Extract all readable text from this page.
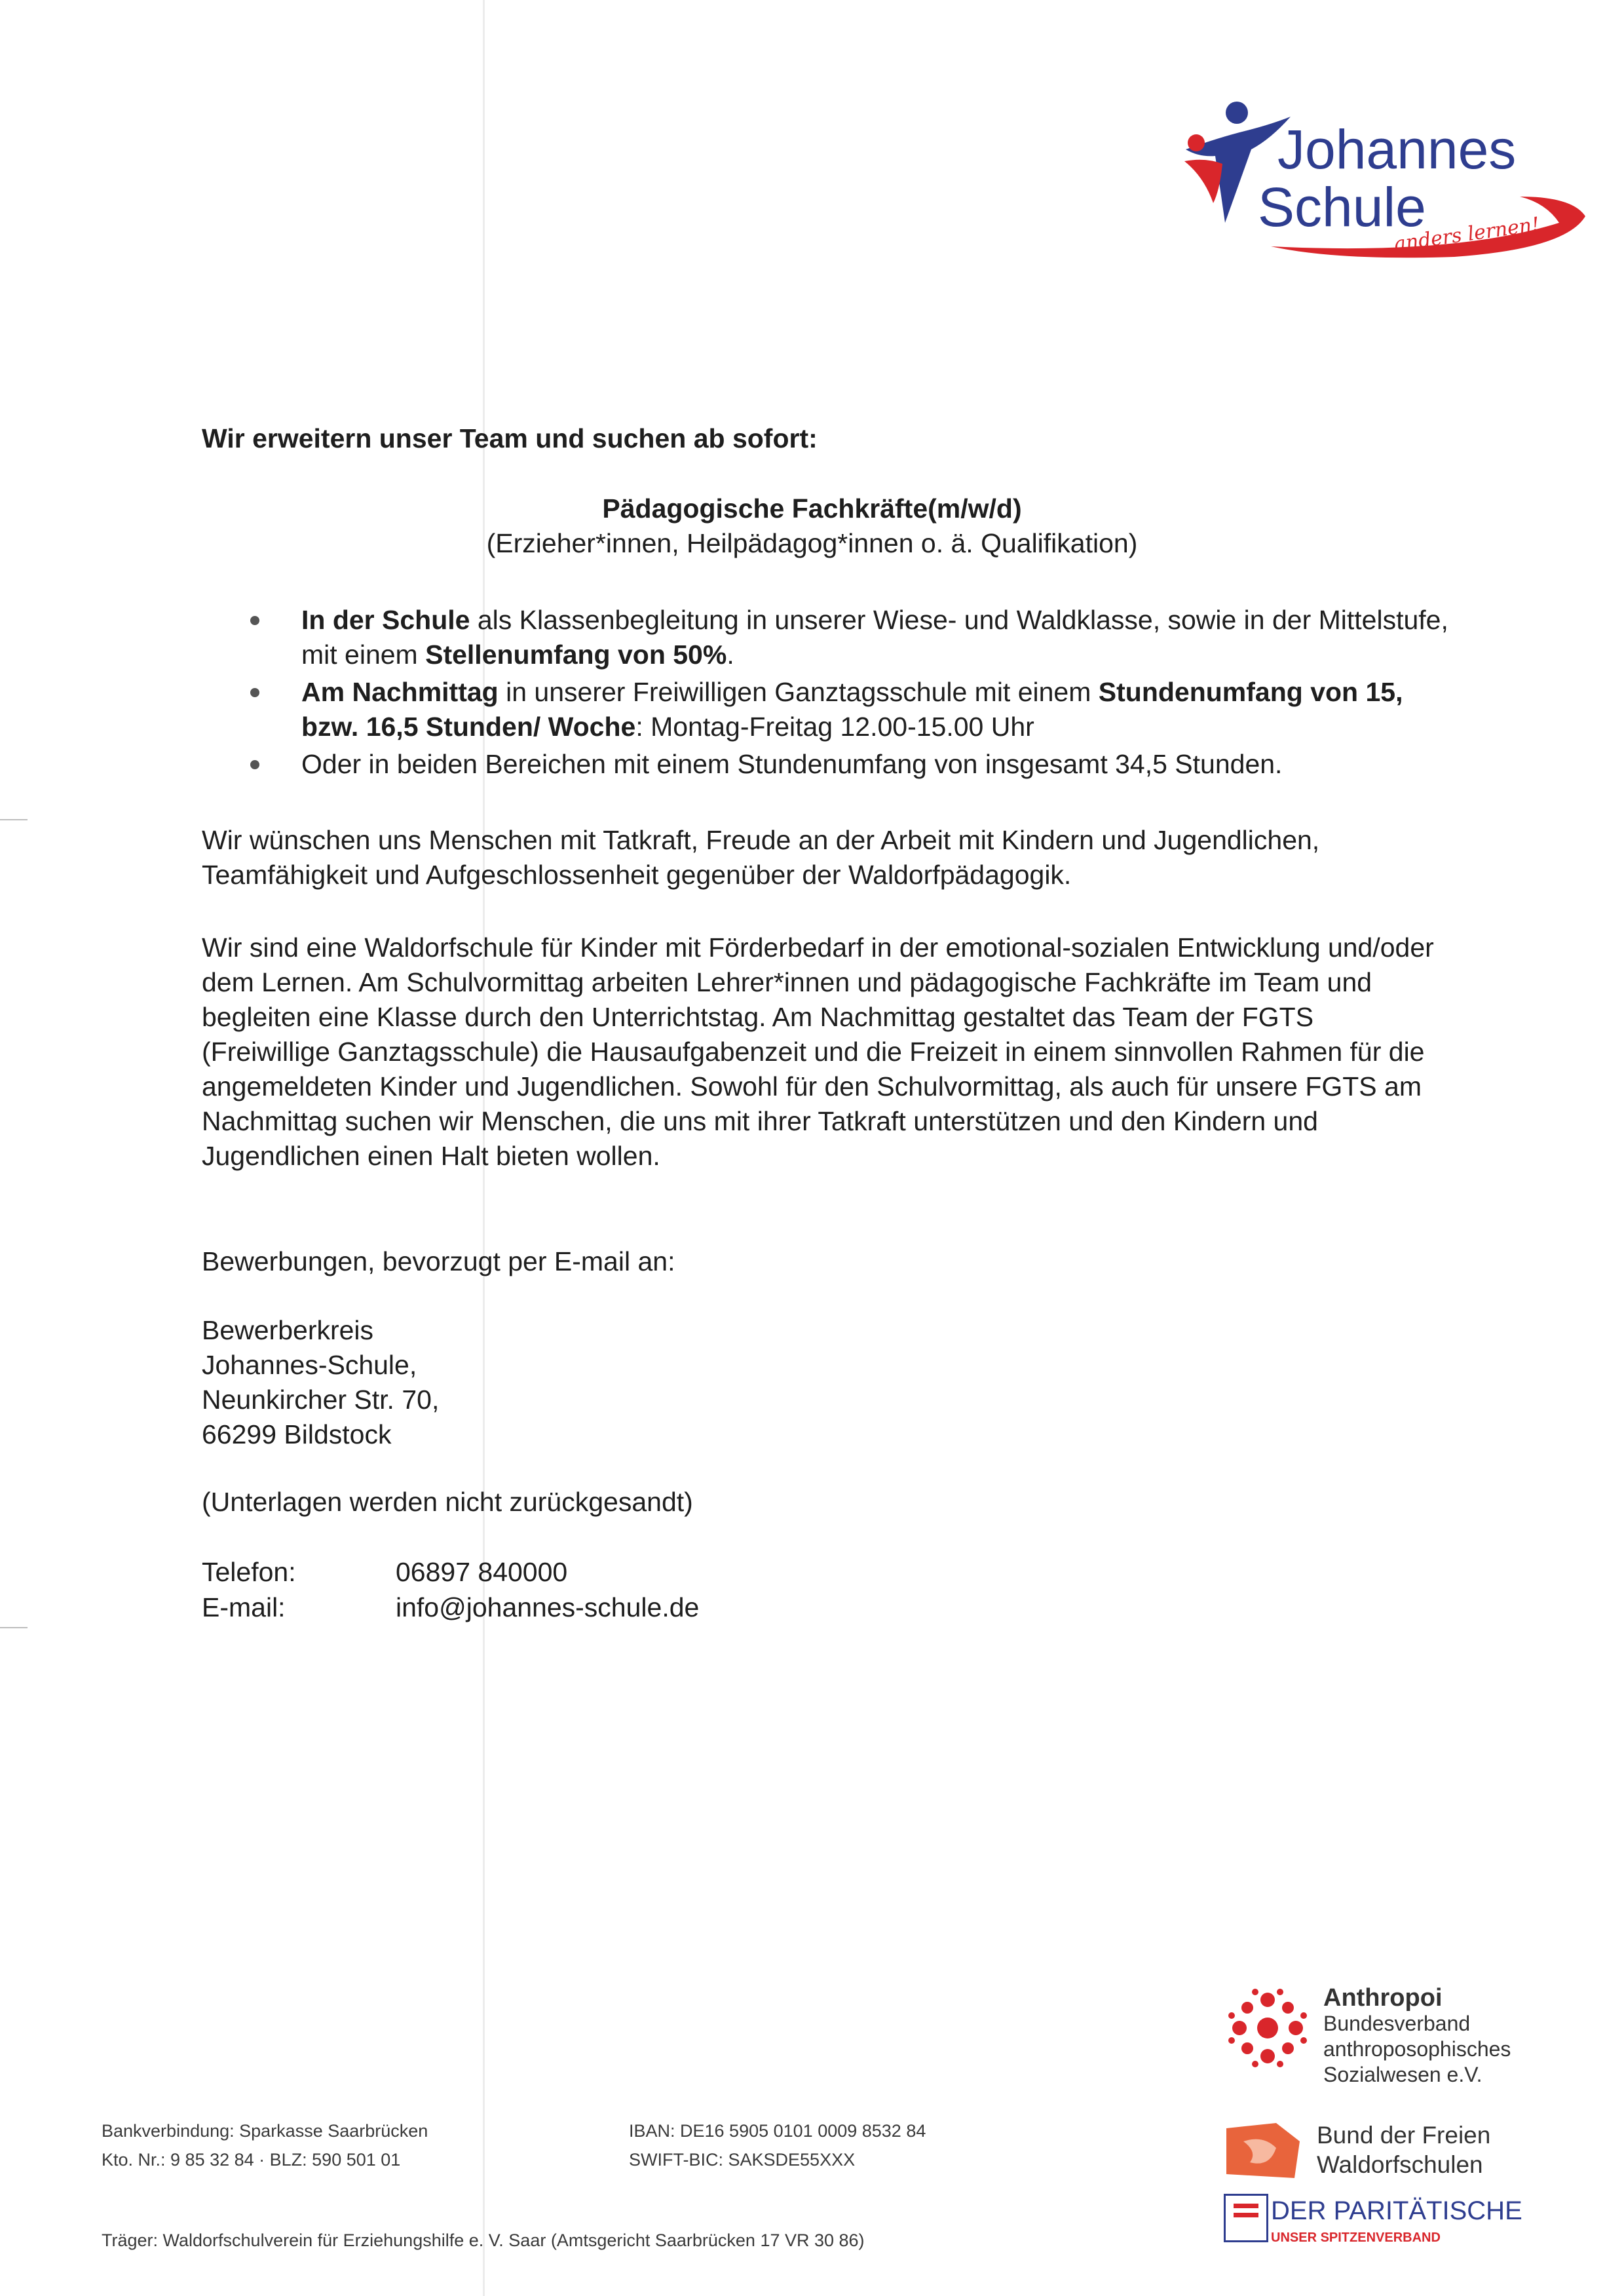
Johannes
Schule
...anders lernen!
Wir erweitern unser Team und suchen ab sofort:
Pädagogische Fachkräfte(m/w/d)
(Erzieher*innen, Heilpädagog*innen o. ä. Qualifikation)
In der Schule als Klassenbegleitung in unserer Wiese- und Waldklasse, sowie in der Mittelstufe, mit einem Stellenumfang von 50%.
Am Nachmittag in unserer Freiwilligen Ganztagsschule mit einem Stundenumfang von 15, bzw. 16,5 Stunden/ Woche: Montag-Freitag 12.00-15.00 Uhr
Oder in beiden Bereichen mit einem Stundenumfang von insgesamt 34,5 Stunden.
Wir wünschen uns Menschen mit Tatkraft, Freude an der Arbeit mit Kindern und Jugendlichen, Teamfähigkeit und Aufgeschlossenheit gegenüber der Waldorfpädagogik.
Wir sind eine Waldorfschule für Kinder mit Förderbedarf in der emotional-sozialen Entwicklung und/oder dem Lernen. Am Schulvormittag arbeiten Lehrer*innen und pädagogische Fachkräfte im Team und begleiten eine Klasse durch den Unterrichtstag. Am Nachmittag gestaltet das Team der FGTS (Freiwillige Ganztagsschule) die Hausaufgabenzeit und die Freizeit in einem sinnvollen Rahmen für die angemeldeten Kinder und Jugendlichen. Sowohl für den Schulvormittag, als auch für unsere FGTS am Nachmittag suchen wir Menschen, die uns mit ihrer Tatkraft unterstützen und den Kindern und Jugendlichen einen Halt bieten wollen.
Bewerbungen, bevorzugt per E-mail an:
Bewerberkreis
Johannes-Schule,
Neunkircher Str. 70,
66299 Bildstock
(Unterlagen werden nicht zurückgesandt)
Telefon:	06897 840000
E-mail:	info@johannes-schule.de
Anthropoi
Bundesverband
anthroposophisches
Sozialwesen e.V.
Bund der Freien
Waldorfschulen
DER PARITÄTISCHE
UNSER SPITZENVERBAND
Bankverbindung: Sparkasse Saarbrücken
Kto. Nr.: 9 85 32 84 · BLZ: 590 501 01
IBAN: DE16 5905 0101 0009 8532 84
SWIFT-BIC: SAKSDE55XXX
Träger: Waldorfschulverein für Erziehungshilfe e. V. Saar (Amtsgericht Saarbrücken 17 VR 30 86)
